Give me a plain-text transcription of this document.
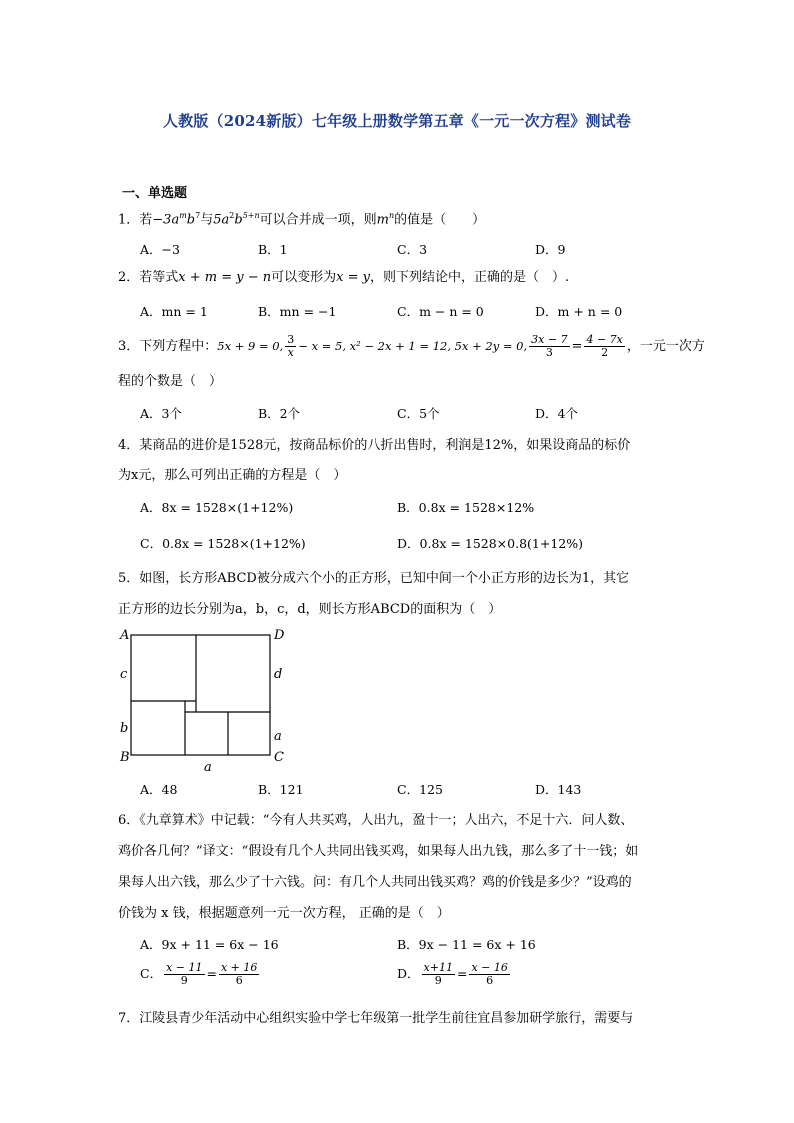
人教版（2024新版）七年级上册数学第五章《一元一次方程》测试卷
一、单选题
1．若$-3a^mb^7$与$5a^2b^{5+n}$可以合并成一项，则$m^n$的值是（　　）
A．−3	B．1	C．3	D．9
2．若等式x + m = y − n可以变形为x = y，则下列结论中，正确的是（　）.
A．mn = 1	B．mn = −1	C．m − n = 0	D．m + n = 0
3．下列方程中：5x + 9 = 0, $\frac{3}{x} - x = 5$, x² − 2x + 1 = 12, 5x + 2y = 0, $\frac{3x - 7}{3} = \frac{4 - 7x}{2}$ ，一元一次方
程的个数是（　）
A．3个	B．2个	C．5个	D．4个
4．某商品的进价是1528元，按商品标价的八折出售时，利润是12%，如果设商品的标价
为x元，那么可列出正确的方程是（　）
A．8x = 1528×(1+12%)	B．0.8x = 1528×12%
C．0.8x = 1528×(1+12%)	D．0.8x = 1528×0.8(1+12%)
5．如图，长方形ABCD被分成六个小的正方形，已知中间一个小正方形的边长为1，其它
正方形的边长分别为a，b，c，d，则长方形ABCD的面积为（　）
A	D
c	d
b
a
B	C
a
A．48	B．121	C．125	D．143
6．《九章算术》中记载：“今有人共买鸡，人出九，盈十一；人出六，不足十六．问人数、
鸡价各几何？”译文：“假设有几个人共同出钱买鸡，如果每人出九钱，那么多了十一钱；如
果每人出六钱，那么少了十六钱。问：有几个人共同出钱买鸡？鸡的价钱是多少？”设鸡的
价钱为 x 钱，根据题意列一元一次方程， 正确的是（　）
A．9x + 11 = 6x − 16	B．9x − 11 = 6x + 16
C． $\frac{x - 11}{9} = \frac{x + 16}{6}$	D． $\frac{x+11}{9} = \frac{x - 16}{6}$
7．江陵县青少年活动中心组织实验中学七年级第一批学生前往宜昌参加研学旅行，需要与
